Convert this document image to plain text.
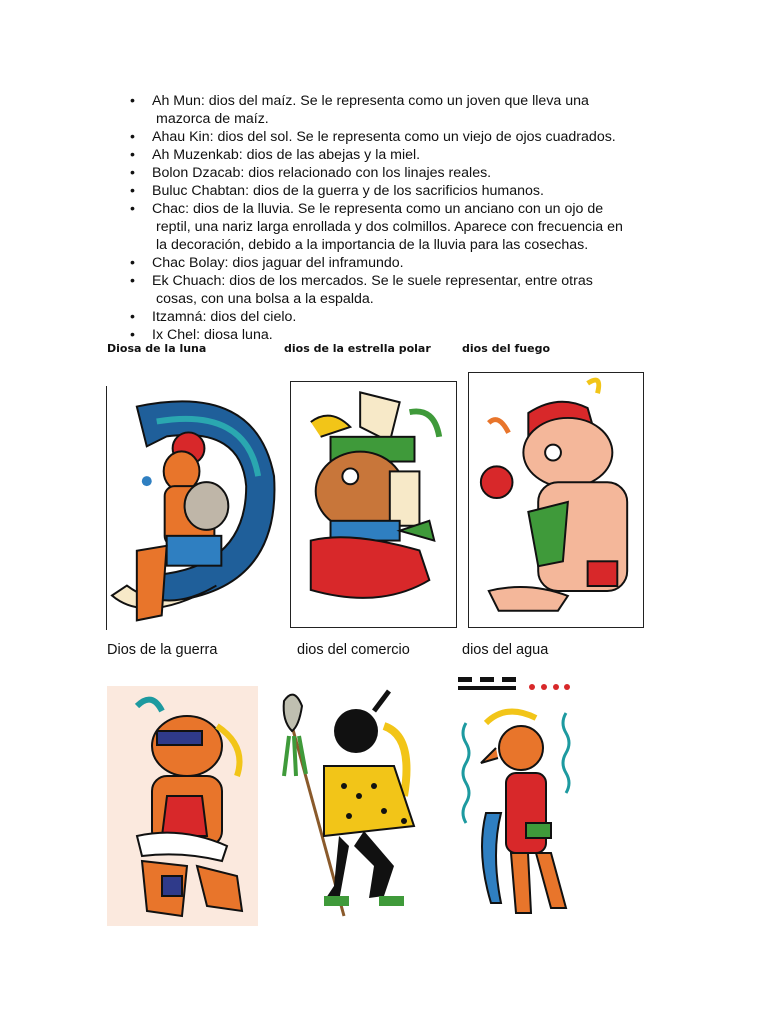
•	Ah Mun: dios del maíz. Se le representa como un joven que lleva una
mazorca de maíz.
•	Ahau Kin: dios del sol. Se le representa como un viejo de ojos cuadrados.
•	Ah Muzenkab: dios de las abejas y la miel.
•	Bolon Dzacab: dios relacionado con los linajes reales.
•	Buluc Chabtan: dios de la guerra y de los sacrificios humanos.
•	Chac: dios de la lluvia. Se le representa como un anciano con un ojo de
reptil, una nariz larga enrollada y dos colmillos. Aparece con frecuencia en
la decoración, debido a la importancia de la lluvia para las cosechas.
•	Chac Bolay: dios jaguar del inframundo.
•	Ek Chuach: dios de los mercados. Se le suele representar, entre otras
cosas, con una bolsa a la espalda.
•	Itzamná: dios del cielo.
•	Ix Chel: diosa luna.
Diosa de la luna	dios de la estrella polar	dios del fuego
Dios de la guerra	dios del comercio	dios del agua
